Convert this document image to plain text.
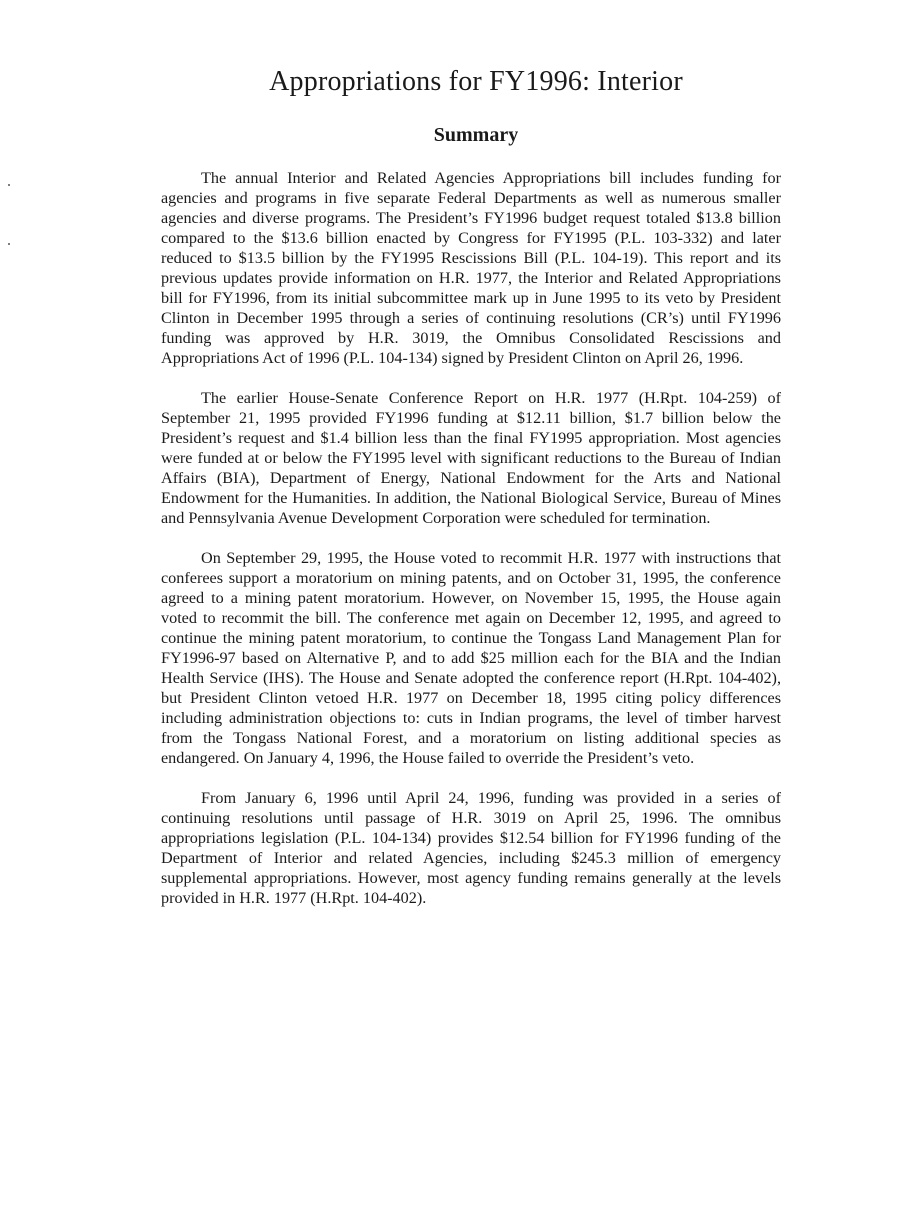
Appropriations for FY1996: Interior
Summary

The annual Interior and Related Agencies Appropriations bill includes funding for agencies and programs in five separate Federal Departments as well as numerous smaller agencies and diverse programs. The President’s FY1996 budget request totaled $13.8 billion compared to the $13.6 billion enacted by Congress for FY1995 (P.L. 103-332) and later reduced to $13.5 billion by the FY1995 Rescissions Bill (P.L. 104-19). This report and its previous updates provide information on H.R. 1977, the Interior and Related Appropriations bill for FY1996, from its initial subcommittee mark up in June 1995 to its veto by President Clinton in December 1995 through a series of continuing resolutions (CR’s) until FY1996 funding was approved by H.R. 3019, the Omnibus Consolidated Rescissions and Appropriations Act of 1996 (P.L. 104-134) signed by President Clinton on April 26, 1996.

The earlier House-Senate Conference Report on H.R. 1977 (H.Rpt. 104-259) of September 21, 1995 provided FY1996 funding at $12.11 billion, $1.7 billion below the President’s request and $1.4 billion less than the final FY1995 appropriation. Most agencies were funded at or below the FY1995 level with significant reductions to the Bureau of Indian Affairs (BIA), Department of Energy, National Endowment for the Arts and National Endowment for the Humanities. In addition, the National Biological Service, Bureau of Mines and Pennsylvania Avenue Development Corporation were scheduled for termination.

On September 29, 1995, the House voted to recommit H.R. 1977 with instructions that conferees support a moratorium on mining patents, and on October 31, 1995, the conference agreed to a mining patent moratorium. However, on November 15, 1995, the House again voted to recommit the bill. The conference met again on December 12, 1995, and agreed to continue the mining patent moratorium, to continue the Tongass Land Management Plan for FY1996-97 based on Alternative P, and to add $25 million each for the BIA and the Indian Health Service (IHS). The House and Senate adopted the conference report (H.Rpt. 104-402), but President Clinton vetoed H.R. 1977 on December 18, 1995 citing policy differences including administration objections to: cuts in Indian programs, the level of timber harvest from the Tongass National Forest, and a moratorium on listing additional species as endangered. On January 4, 1996, the House failed to override the President’s veto.

From January 6, 1996 until April 24, 1996, funding was provided in a series of continuing resolutions until passage of H.R. 3019 on April 25, 1996. The omnibus appropriations legislation (P.L. 104-134) provides $12.54 billion for FY1996 funding of the Department of Interior and related Agencies, including $245.3 million of emergency supplemental appropriations. However, most agency funding remains generally at the levels provided in H.R. 1977 (H.Rpt. 104-402).
